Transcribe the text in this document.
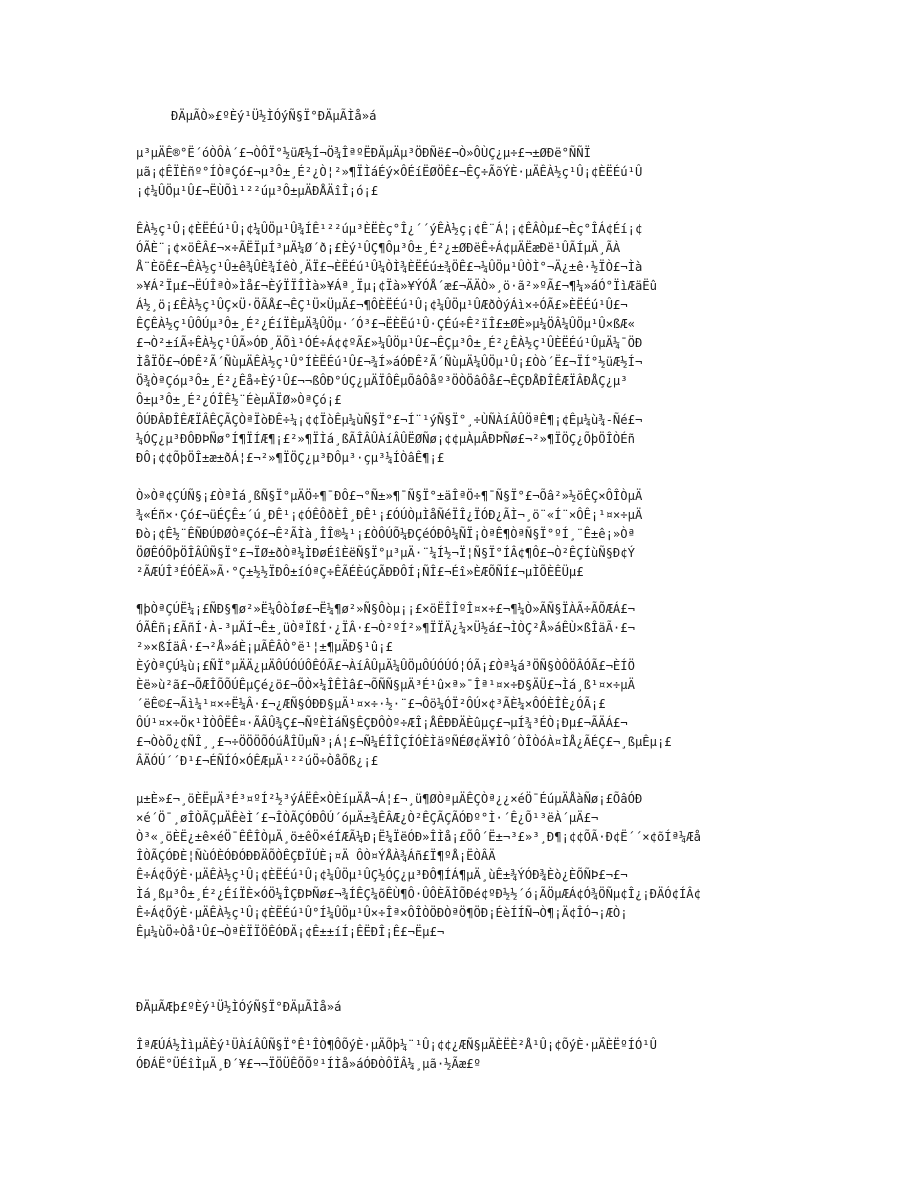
ÐÄµÃÒ»£ºÈý¹Ü½ÌÓýÑ§Ï°ÐÄµÃÌå»á
µ³µÄÊ®°Ë´óÒÔÀ´£¬ÒÔÏ°½üÆ½Í¬Ö¾ÎªºËÐÄµÄµ³ÖÐÑë£¬Ò»ÔÙÇ¿µ÷£¬±ØÐë°ÑÑÏ
µã¡¢ÊÏÈñº°ÍÒªÇó£¬µ³Ô±¸É²¿Ò¦²»¶ÏÌáÉý×ÔÉíËØÖÊ£¬ÊÇ÷ÃõÝÈ·µÄÊÀ½ç¹Û¡¢ÈËÉú¹Û
¡¢¼ÛÖµ¹Û£¬ËÙÕì¹²²úµ³Ô±µÄÐÅÄîÎ¡ó¡£
ÊÀ½ç¹Û¡¢ÈËÉú¹Û¡¢¼ÛÖµ¹Û¾ÍÊ¹²²úµ³ÈËÈç°Î¿´´ýÊÀ½ç¡¢Ê¨Á¦¡¢ÊÂÒµ£¬Èç°ÎÁ¢Éí¡¢
ÓÃÈ¨¡¢×öÊÂ£¬×÷ÃËÏµÍ³µÄ¼Ø´ð¡£Èý¹ÛÇ¶Ôµ³Ô±¸É²¿±ØÐëÊ÷Á¢µÄËæÐë¹ÛÃÍµÄ¸ÃÀ
Å¨ÈõÊ£¬ÊÀ½ç¹Û±ê¾ÛÈ¾ÍêÒ¸ÄÏ£¬ÈËÉú¹Û¼ÒÌ¾ÈËÉú±¾ÖÊ£¬¼ÛÖµ¹ÛÒÌ°¬Ä¿±ê·½ÏÒ£¬Ìà
»¥Á²Ïµ£¬ËÚÎªÒ»Ìå£¬ÈýÏÏÎÌà»¥Áª¸Ïµ¡¢Ïà»¥ÝÓÅ´æ£¬ÄÄÒ»¸ö·ã²»ºÃ£¬¶¼»áÓ°ÏìÆäËû
Á½¸ö¡£ÊÀ½ç¹ÛÇ×Ü·ÖÃÅ£¬ÊÇ¹Ü×ÜµÄ£¬¶ÔÈËÉú¹Û¡¢¼ÛÖµ¹ÛÆðÒýÁì×÷ÓÃ£»ÈËÉú¹Û£¬
ÊÇÊÀ½ç¹ÛÔÚµ³Ô±¸É²¿ÉíÏÈµÄ¾ÛÖµ·´Ó³£¬ËÈËú¹Û·ÇÉú÷Ê²ïÎ£±ØÈ»µ¼ÖÂ¼ÛÖµ¹Û×ßÆ«
£¬Ò²±íÃ÷ÊÀ½ç¹ÛÃ»ÓÐ¸ÄÕì¹ÓÉ÷Á¢¢ºÃ£»¼ÛÖµ¹Û£¬ÊÇµ³Ô±¸É²¿ÊÀ½ç¹ÛÈËÉú¹ÛµÄ¼¯ÖÐ
ÌåÏÖ£¬ÓÐÊ²Ã´ÑùµÄÊÀ½ç¹Û°ÍÈËÉú¹Û£¬¾Í»áÓÐÊ²Ã´ÑùµÄ¼ÛÖµ¹Û¡£Òò´Ë£¬ÏÍ°½üÆ½Í¬
Ö¾ÒªÇóµ³Ô±¸É²¿Êå÷Èý¹Û£¬¬ßÔÐ°ÚÇ¿µÄÏÔÊµÕâÔåº³ÖÒÖâÔå£¬ÊÇÐÅÐÎÊÆÏÂÐÅÇ¿µ³
Ô±µ³Ô±¸É²¿ÓÎÊ½¨ÉèµÄÏØ»ÒªÇó¡£
ÔÚÐÂÐÎÊÆÏÂÊÇÃÇÒªÏòÐÊ÷¼¡¢¢ÏòÊµ¼ùÑ§Ï°£¬Í¨¹ýÑ§Ï°¸÷ÙÑÀíÂÛÖªÊ¶¡¢Êµ¼ù¾-Ñé£¬
¼ÓÇ¿µ³ÐÔÐÞÑø°Í¶ÏÍÆ¶¡£²»¶ÏÌá¸ßÃÎÂÛÀíÂÛËØÑø¡¢¢µÀµÂÐÞÑø£¬²»¶ÏÖÇ¿ÕþÖÎÒÉñ
ÐÔ¡¢¢ÕþÖÎ±æ±ðÁ¦£¬²»¶ÏÖÇ¿µ³ÐÔµ³·çµ³¼ÍÒâÊ¶¡£
Ò»Òª¢ÇÚÑ§¡£ÒªÌá¸ßÑ§Ï°µÄÖ÷¶¯ÐÔ£¬°Ñ±»¶¯Ñ§Ï°±äÎªÖ÷¶¯Ñ§Ï°£¬Õâ²»½öÊÇ×ÔÎÒµÄ
¾«Éñ×·Çó£¬üÉÇÊ±´ú¸ÐÊ¹¡¢ÓÊÔðÈÎ¸ÐÊ¹¡£ÓÚÒµÌåÑéÏÎ¿ÏÓÐ¿ÃÌ¬¸ö¨«Í¨×ÔÊ¡¹¤×÷µÄ
Ðò¡¢Ê½¨ÊÑÐÚÐØÒªÇó£¬Ê²ÃÌà¸ÎÎ®¼¹¡£ÒÔÚÕ¼ÐÇéÓÐÔ¼ÑÏ¡ÒªÊ¶ÒªÑ§Ï°ºÍ¸¨Ê±ê¡»Òª
ÖØÊÓÕþÖÎÂÛÑ§Ï°£¬ÏØ±ðÒª¼ÌÐøÉîÈëÑ§Ï°µ³µÄ·¨¼Í½¬Ï¦Ñ§Ï°ÍÂ¢¶Ô£¬Ò²ÊÇÍùÑ§Ð¢Ý
²ÃÆÚÎ³ÉÓÊÄ»Ã·°Ç±½½ÏÐÔ±íÓªÇ÷ÊÃÉÈúÇÃÐÐÔÍ¡ÑÎ£¬Éî»ÈÆÕÑÍ£¬µÌÕÈÊÜµ£
¶þÒªÇÚË¼¡£ÑÐ§¶ø²»Ë¼ÔòÍø£¬Ë¼¶ø²»Ñ§Ôòµ¡¡£×öËÎÎºÎ¤×÷£¬¶¼Ò»ÃÑ§ÏÀÃ÷ÃÕÆÁ£¬
ÓÃÊñ¡£ÃñÍ·À-³µÄÍ¬Ê±¸üÒªÏßÍ·¿ÏÂ·£¬Ò²ºÍ²»¶ÏÏÄ¿¼×Ü½á£¬ÌÒÇ²Å»áÊÙ×ßÎäÃ·£¬
²»×ßÍäÂ·£¬²Å»áÈ¡µÃÊÂÒ°ë¹¦±¶µÄÐ§¹û¡£
ÈýÒªÇÚ¼ù¡£ÑÏ°µÄÄ¿µÄÔÚÓÚÔÊÓÃ£¬ÀíÂÛµÄ¼ÛÖµÔÚÓÚÓ¦ÓÃ¡£Òª¼á³ÖÑ§ÒÔÖÂÓÃ£¬ÈÍÖ
Èë»ù²ã£¬ÕÆÎÕÕÚÊµÇé¿ö£¬ÕÒ×¼ÎÊÌâ£¬ÕÑÑ§µÄ³É¹û×ª»¯Îª¹¤×÷Ð§ÄÜ£¬Ìá¸ß¹¤×÷µÄ
´ëÊ©£¬Ãì¼¹¤×÷Ë¼Â·£¬¿ÆÑ§ÓÐÐ§µÄ¹¤×÷·½·¨£¬Ôö¼ÓÏ²ÔÚ×¢³ÃÈ¼×ÔÓÈÎÈ¿ÓÃ¡£
ÔÚ¹¤×÷Öк¹ÌÒÔËÊ¤·ÃÂÛ¾Ç£¬ÑºÈÌáÑ§ÊÇÐÔÒº÷ÆÎ¡ÅÊÐÐÄÈûµç£¬µÍ¾³ÉÒ¡Ðµ£¬ÃÄÁ£¬
£¬ÒòÕ¿¢ÑÎ¸¸£¬÷ÖÖÖÕÓúÅÎÜµÑ³¡Á¦£¬Ñ¼ÉÎÎÇÍÓÈÌäºÑÉØ¢Ä¥ÌÔ´ÒÎÒóÀ¤ÌÅ¿ÃÉÇ£¬¸ßµÊµ¡£
ÂÄÓÚ´´Ð¹£¬ÉÑÍÓ×ÓÊÆµÄ¹²²úÖ÷ÒåÕß¿¡£
µ±È»£¬¸öÈËµÄ³É³¤ºÍ²½³ýÁËÊ×ÒÈíµÄÅ¬Á¦£¬¸ü¶ØÒªµÄÊÇÒª¿¿×éÖ¯ÉúµÄÅàÑø¡£ÕâÓÐ
×é´Ö¯¸øÎÒÃÇµÄÊèÌ´£¬ÎÒÃÇÓÐÔÚ´óµÄ±¾ÊÂÆ¿Ò²ÊÇÃÇÃÓÐº°Ì·´Ê¿Õ¹³ëÀ´µÄ£¬
Ò³«¸öÈË¿±ê×éÖ¯ÊÊÎÒµÄ¸ö±êÖ×éÍÆÃ¼Ð¡Ë¼ÏëÓÐ»ÎÌå¡£ÕÔ´Ë±¬³£»³¸Ð¶¡¢¢ÕÃ·Ð¢Ë´´×¢õÍª¼Æå
ÎÒÃÇÓÐÈ¦ÑùÓÈÓÐÓÐÐÄÕÒÊÇÐÏÚÈ¡¤Ä ÔÒ¤ÝÅÀ¾Áñ£Ï¶ºÅ¡ËÒÂÄ
Ê÷Á¢ÕýÈ·µÄÊÀ½ç¹Û¡¢ÈËÉú¹Û¡¢¼ÛÖµ¹ÛÇ½ÓÇ¿µ³ÐÔ¶ÍÁ¶µÄ¸ùÊ±¾ÝÓÐ¾Èò¿ÈÕÑÞ£¬£¬
Ìá¸ßµ³Ô±¸É²¿ÉíÏÈ×ÓÖ¼ÎÇÐÞÑø£¬¾ÍÊÇ¼õÊÙ¶Ô·ÛÔÈÃÌÕÐé¢ºÐ½½´ó¡ÃÖµÆÁ¢Ó¾ÖÑµ¢Î¿¡ÐÄÓ¢ÍÂ¢
Ê÷Á¢ÕýÈ·µÄÊÀ½ç¹Û¡¢ÈËÉú¹Û°Í¼ÛÖµ¹Û×÷Îª×ÔÎÒÖÐÒªÖ¶ÖÐ¡ÉèÍÍÑ¬Ò¶¡Ä¢ÎÓ¬¡ÆÒ¡
Êµ¼ùÖ÷Òå¹Û£¬ÒªÈÏÏÖÊÓÐÄ¡¢Ê±±íÍ¡ÊËÐÎ¡Ê£¬Ëµ£¬
ÐÄµÃÆþ£ºÈý¹Ü½ÌÓýÑ§Ï°ÐÄµÃÌå»á
ÎªÆÚÁ½ÌìµÄÈý¹ÜÀíÂÛÑ§Ï°Ê¹ÎÒ¶ÔÕýÈ·µÄÕþ¼¨¹Û¡¢¢¿ÆÑ§µÄÈËÈ²Å¹Û¡¢ÕýÈ·µÄÈËºÍÓ¹Û
ÓÐÁË°ÜÉîÌµÄ¸Ð´¥£¬¬ÏÖÜÊÕÕº¹ÍÌå»áÓÐÒÔÏÂ¼¸µã·½Ãæ£º
